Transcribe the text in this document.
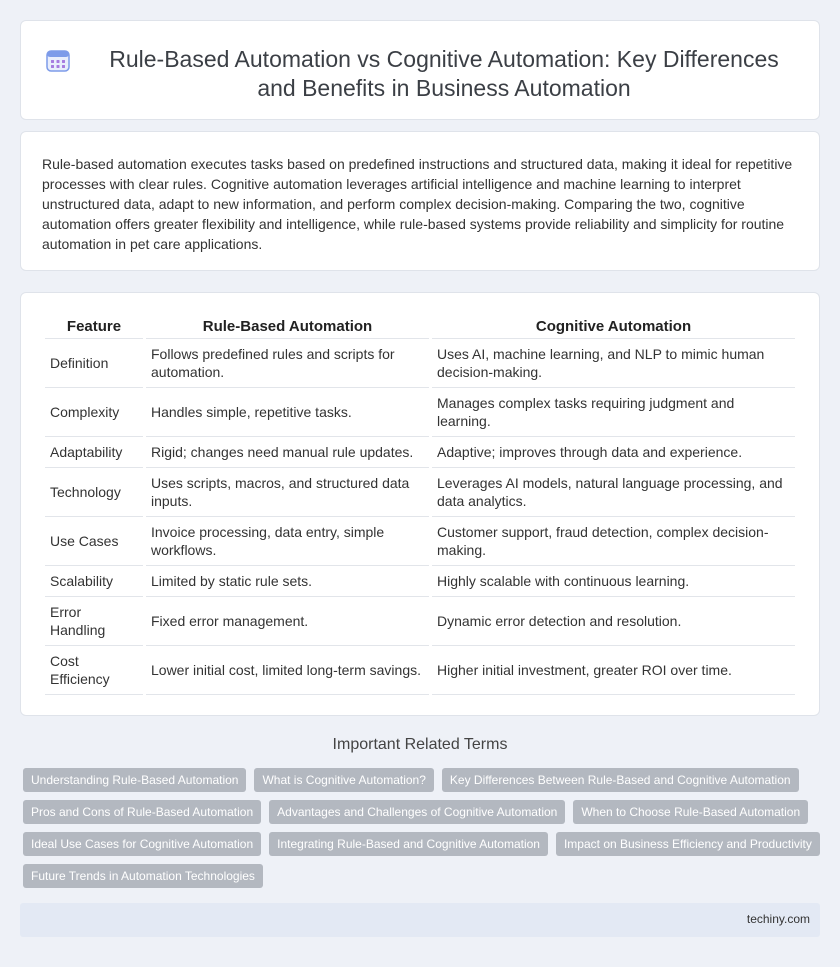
Rule-Based Automation vs Cognitive Automation: Key Differences and Benefits in Business Automation

Rule-based automation executes tasks based on predefined instructions and structured data, making it ideal for repetitive processes with clear rules. Cognitive automation leverages artificial intelligence and machine learning to interpret unstructured data, adapt to new information, and perform complex decision-making. Comparing the two, cognitive automation offers greater flexibility and intelligence, while rule-based systems provide reliability and simplicity for routine automation in pet care applications.

Feature	Rule-Based Automation	Cognitive Automation
Definition	Follows predefined rules and scripts for automation.	Uses AI, machine learning, and NLP to mimic human decision-making.
Complexity	Handles simple, repetitive tasks.	Manages complex tasks requiring judgment and learning.
Adaptability	Rigid; changes need manual rule updates.	Adaptive; improves through data and experience.
Technology	Uses scripts, macros, and structured data inputs.	Leverages AI models, natural language processing, and data analytics.
Use Cases	Invoice processing, data entry, simple workflows.	Customer support, fraud detection, complex decision-making.
Scalability	Limited by static rule sets.	Highly scalable with continuous learning.
Error Handling	Fixed error management.	Dynamic error detection and resolution.
Cost Efficiency	Lower initial cost, limited long-term savings.	Higher initial investment, greater ROI over time.
Important Related Terms
Understanding Rule-Based Automation	What is Cognitive Automation?	Key Differences Between Rule-Based and Cognitive Automation
Pros and Cons of Rule-Based Automation	Advantages and Challenges of Cognitive Automation	When to Choose Rule-Based Automation
Ideal Use Cases for Cognitive Automation	Integrating Rule-Based and Cognitive Automation	Impact on Business Efficiency and Productivity
Future Trends in Automation Technologies
techiny.com
